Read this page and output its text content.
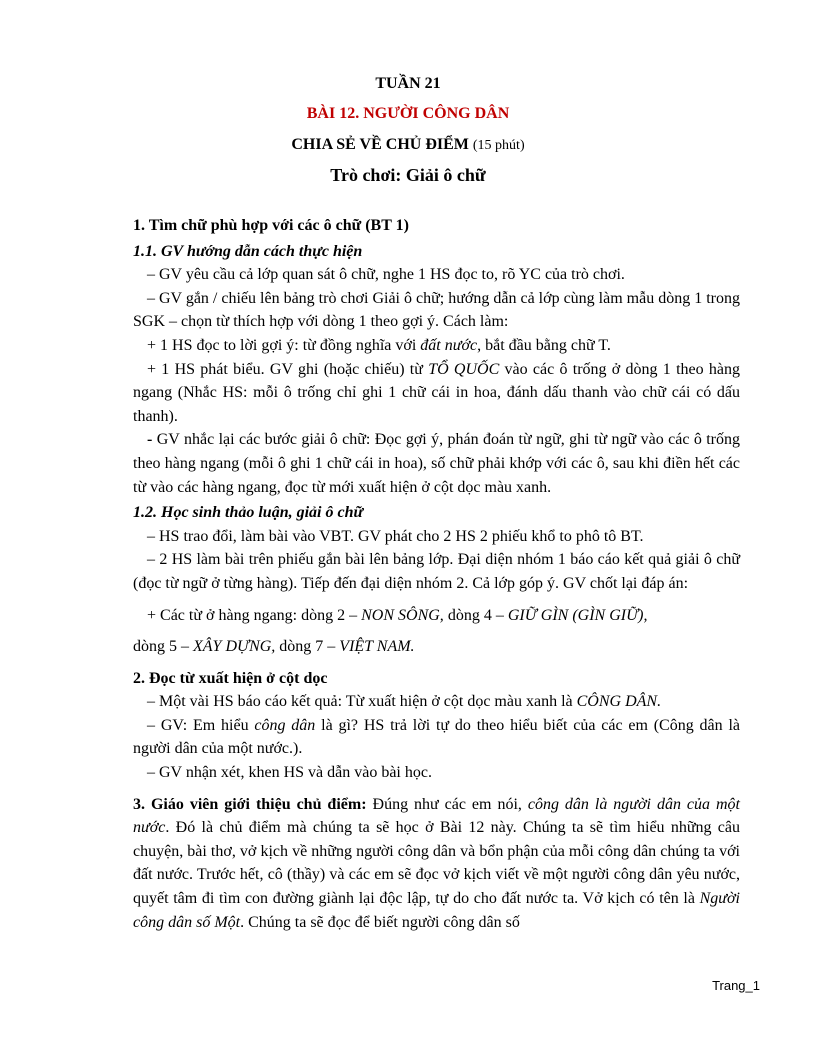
TUẦN 21
BÀI 12. NGƯỜI CÔNG DÂN
CHIA SẺ VỀ CHỦ ĐIỂM (15 phút)
Trò chơi: Giải ô chữ

1. Tìm chữ phù hợp với các ô chữ (BT 1)

1.1. GV hướng dẫn cách thực hiện

– GV yêu cầu cả lớp quan sát ô chữ, nghe 1 HS đọc to, rõ YC của trò chơi.

– GV gắn / chiếu lên bảng trò chơi Giải ô chữ; hướng dẫn cả lớp cùng làm mẫu dòng 1 trong SGK – chọn từ thích hợp với dòng 1 theo gợi ý. Cách làm:

+ 1 HS đọc to lời gợi ý: từ đồng nghĩa với đất nước, bắt đầu bằng chữ T.

+ 1 HS phát biểu. GV ghi (hoặc chiếu) từ TỔ QUỐC vào các ô trống ở dòng 1 theo hàng ngang (Nhắc HS: mỗi ô trống chỉ ghi 1 chữ cái in hoa, đánh dấu thanh vào chữ cái có dấu thanh).

- GV nhắc lại các bước giải ô chữ: Đọc gợi ý, phán đoán từ ngữ, ghi từ ngữ vào các ô trống theo hàng ngang (mỗi ô ghi 1 chữ cái in hoa), số chữ phải khớp với các ô, sau khi điền hết các từ vào các hàng ngang, đọc từ mới xuất hiện ở cột dọc màu xanh.

1.2. Học sinh thảo luận, giải ô chữ

– HS trao đổi, làm bài vào VBT. GV phát cho 2 HS 2 phiếu khổ to phô tô BT.

– 2 HS làm bài trên phiếu gắn bài lên bảng lớp. Đại diện nhóm 1 báo cáo kết quả giải ô chữ (đọc từ ngữ ở từng hàng). Tiếp đến đại diện nhóm 2. Cả lớp góp ý. GV chốt lại đáp án:

+ Các từ ở hàng ngang: dòng 2 – NON SÔNG, dòng 4 – GIỮ GÌN (GÌN GIỮ),

dòng 5 – XÂY DỰNG, dòng 7 – VIỆT NAM.

2. Đọc từ xuất hiện ở cột dọc

– Một vài HS báo cáo kết quả: Từ xuất hiện ở cột dọc màu xanh là CÔNG DÂN.

– GV: Em hiểu công dân là gì? HS trả lời tự do theo hiểu biết của các em (Công dân là người dân của một nước.).

– GV nhận xét, khen HS và dẫn vào bài học.

3. Giáo viên giới thiệu chủ điểm: Đúng như các em nói, công dân là người dân của một nước. Đó là chủ điểm mà chúng ta sẽ học ở Bài 12 này. Chúng ta sẽ tìm hiểu những câu chuyện, bài thơ, vở kịch về những người công dân và bổn phận của mỗi công dân chúng ta với đất nước. Trước hết, cô (thầy) và các em sẽ đọc vở kịch viết về một người công dân yêu nước, quyết tâm đi tìm con đường giành lại độc lập, tự do cho đất nước ta. Vở kịch có tên là Người công dân số Một. Chúng ta sẽ đọc để biết người công dân số

Trang_1
